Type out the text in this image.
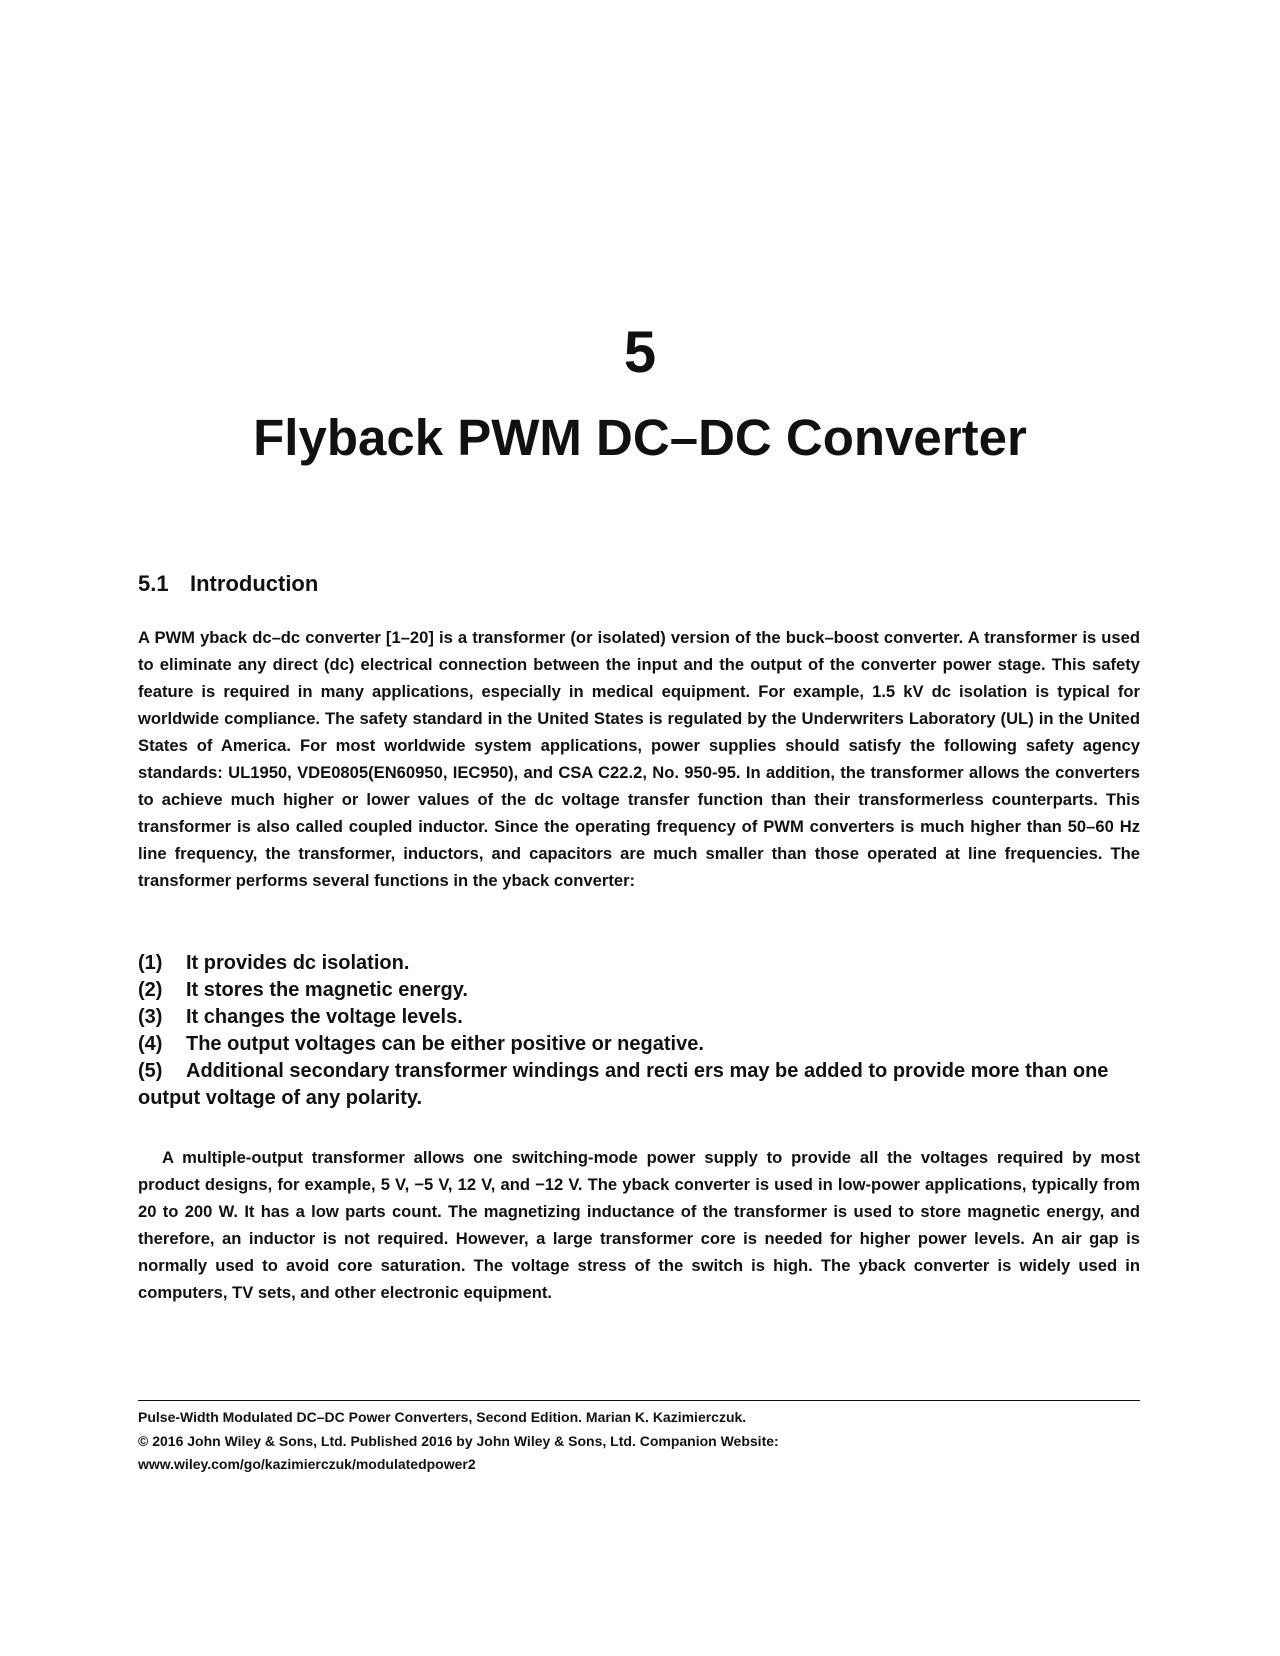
5
Flyback PWM DC–DC Converter
5.1 Introduction

A PWM yback dc–dc converter [1–20] is a transformer (or isolated) version of the buck–boost converter. A transformer is used to eliminate any direct (dc) electrical connection between the input and the output of the converter power stage. This safety feature is required in many applications, especially in medical equipment. For example, 1.5 kV dc isolation is typical for worldwide compliance. The safety standard in the United States is regulated by the Underwriters Laboratory (UL) in the United States of America. For most worldwide system applications, power supplies should satisfy the following safety agency standards: UL1950, VDE0805(EN60950, IEC950), and CSA C22.2, No. 950-95. In addition, the transformer allows the converters to achieve much higher or lower values of the dc voltage transfer function than their transformerless counterparts. This transformer is also called coupled inductor. Since the operating frequency of PWM converters is much higher than 50–60 Hz line frequency, the transformer, inductors, and capacitors are much smaller than those operated at line frequencies. The transformer performs several functions in the yback converter:

(1) It provides dc isolation.
(2) It stores the magnetic energy.
(3) It changes the voltage levels.
(4) The output voltages can be either positive or negative.
(5) Additional secondary transformer windings and recti ers may be added to provide more than one output voltage of any polarity.

A multiple-output transformer allows one switching-mode power supply to provide all the voltages required by most product designs, for example, 5 V, −5 V, 12 V, and −12 V. The yback converter is used in low-power applications, typically from 20 to 200 W. It has a low parts count. The magnetizing inductance of the transformer is used to store magnetic energy, and therefore, an inductor is not required. However, a large transformer core is needed for higher power levels. An air gap is normally used to avoid core saturation. The voltage stress of the switch is high. The yback converter is widely used in computers, TV sets, and other electronic equipment.

Pulse-Width Modulated DC–DC Power Converters, Second Edition. Marian K. Kazimierczuk.
© 2016 John Wiley & Sons, Ltd. Published 2016 by John Wiley & Sons, Ltd. Companion Website:
www.wiley.com/go/kazimierczuk/modulatedpower2
